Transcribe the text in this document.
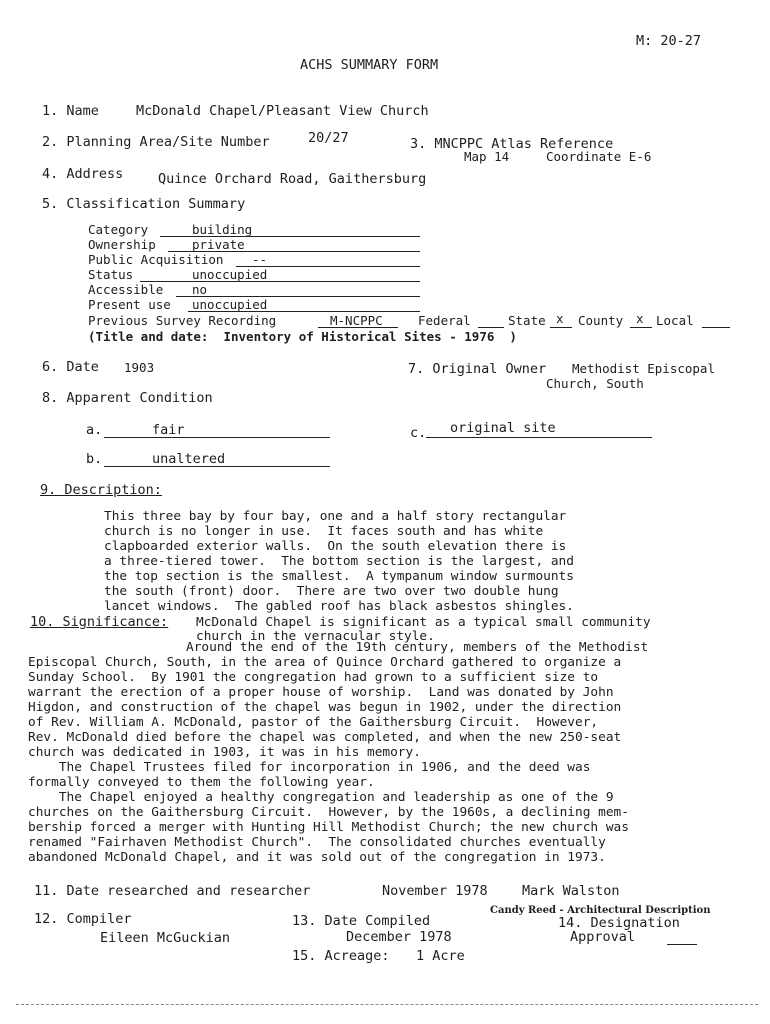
M: 20-27
ACHS SUMMARY FORM
1. Name	McDonald Chapel/Pleasant View Church
2. Planning Area/Site Number	20/27	3. MNCPPC Atlas Reference
Map 14	Coordinate E-6
4. Address	Quince Orchard Road, Gaithersburg
5. Classification Summary
Category	building
Ownership	private
Public Acquisition --
Status	unoccupied
Accessible no
Present use unoccupied
Previous Survey Recording	M-NCPPC	Federal	State x County x Local
(Title and date:  Inventory of Historical Sites - 1976  )
6. Date 1903	7. Original Owner Methodist Episcopal
Church, South
8. Apparent Condition
a.	fair	c. original site
b.	unaltered
9. Description:
This three bay by four bay, one and a half story rectangular
church is no longer in use.  It faces south and has white
clapboarded exterior walls.  On the south elevation there is
a three-tiered tower.  The bottom section is the largest, and
the top section is the smallest.  A tympanum window surmounts
the south (front) door.  There are two over two double hung
lancet windows.  The gabled roof has black asbestos shingles.
10. Significance: McDonald Chapel is significant as a typical small community
church in the vernacular style.
Around the end of the 19th century, members of the Methodist
Episcopal Church, South, in the area of Quince Orchard gathered to organize a
Sunday School.  By 1901 the congregation had grown to a sufficient size to
warrant the erection of a proper house of worship.  Land was donated by John
Higdon, and construction of the chapel was begun in 1902, under the direction
of Rev. William A. McDonald, pastor of the Gaithersburg Circuit.  However,
Rev. McDonald died before the chapel was completed, and when the new 250-seat
church was dedicated in 1903, it was in his memory.
The Chapel Trustees filed for incorporation in 1906, and the deed was
formally conveyed to them the following year.
The Chapel enjoyed a healthy congregation and leadership as one of the 9
churches on the Gaithersburg Circuit.  However, by the 1960s, a declining mem-
bership forced a merger with Hunting Hill Methodist Church; the new church was
renamed "Fairhaven Methodist Church".  The consolidated churches eventually
abandoned McDonald Chapel, and it was sold out of the congregation in 1973.
11. Date researched and researcher	November 1978	Mark Walston
12. Compiler
Eileen McGuckian
13. Date Compiled
December 1978
Candy Reed - Architectural Description
14. Designation
Approval
15. Acreage: 1 Acre
